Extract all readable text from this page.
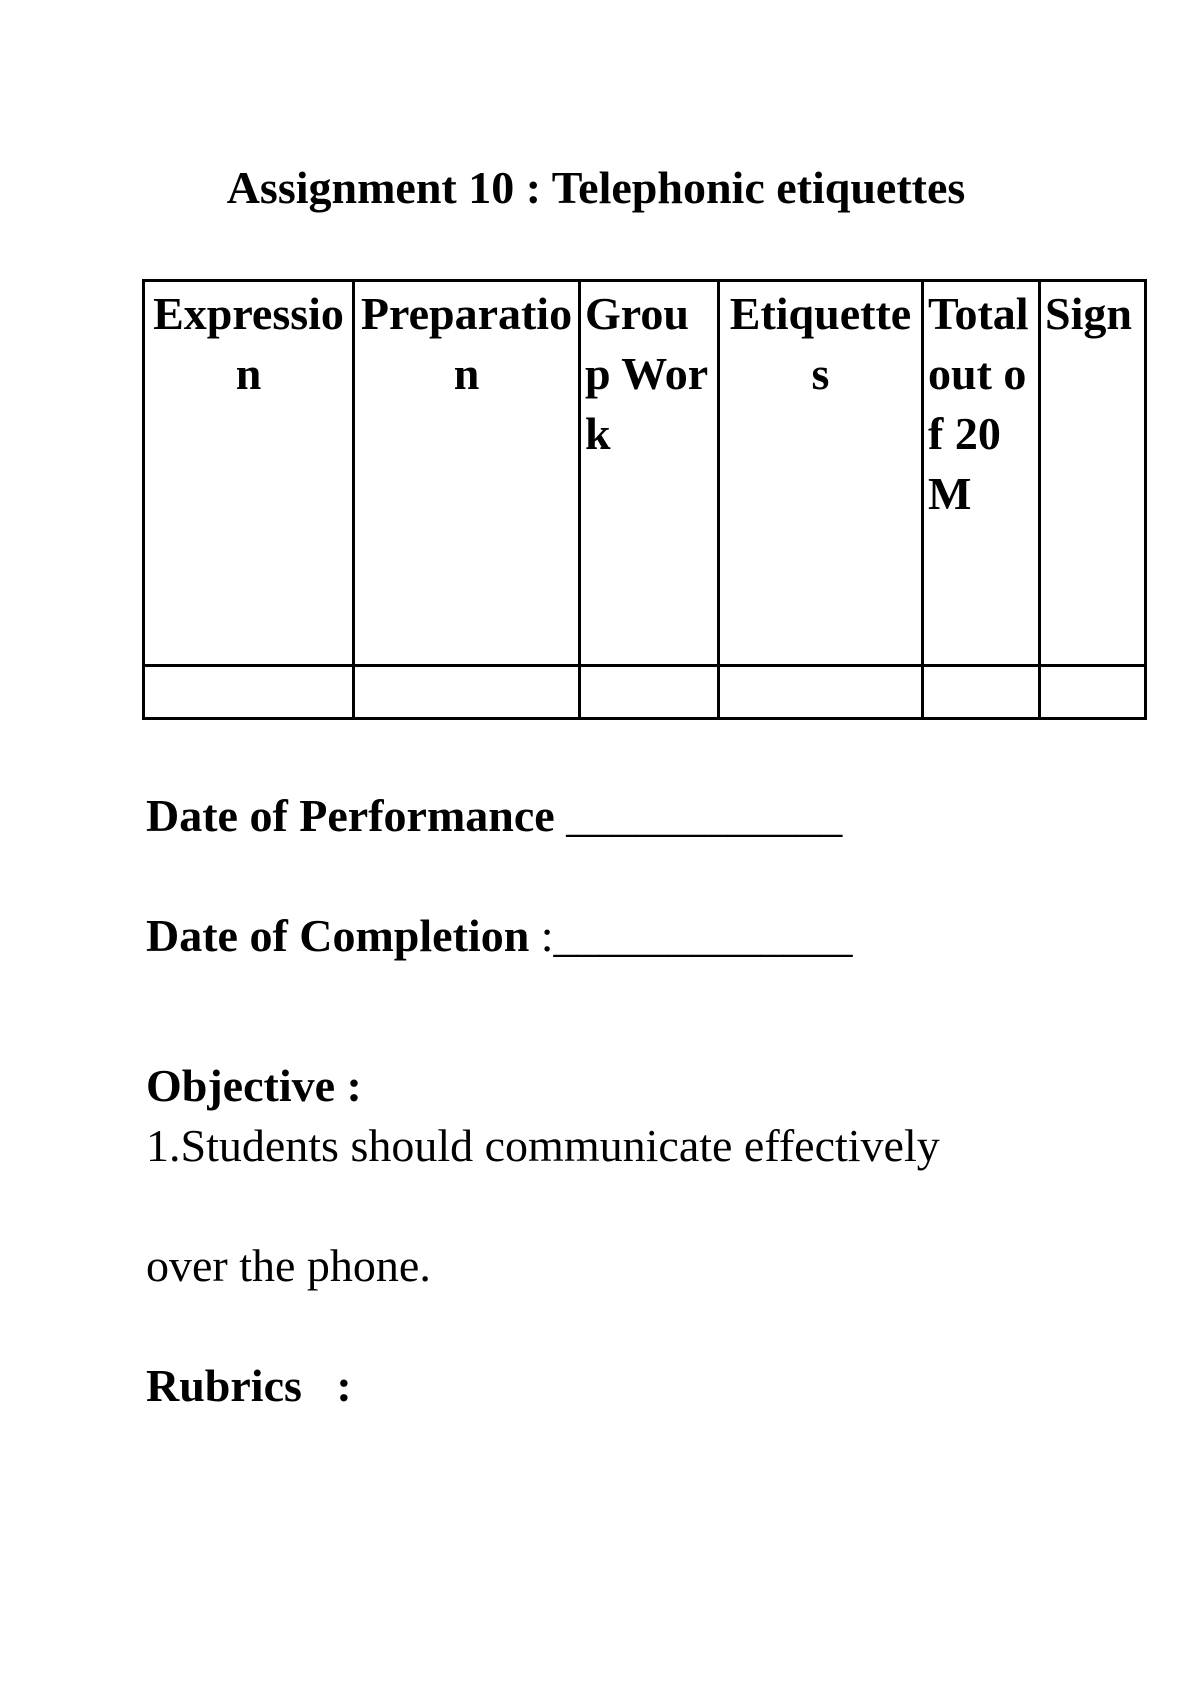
Assignment 10 : Telephonic etiquettes
Expression	Preparation	Group Work	Etiquettes	Total out of 20 M	Sign

Date of Performance ____________
Date of Completion :_____________
Objective :
1.Students should communicate effectively
over the phone.
Rubrics   :
